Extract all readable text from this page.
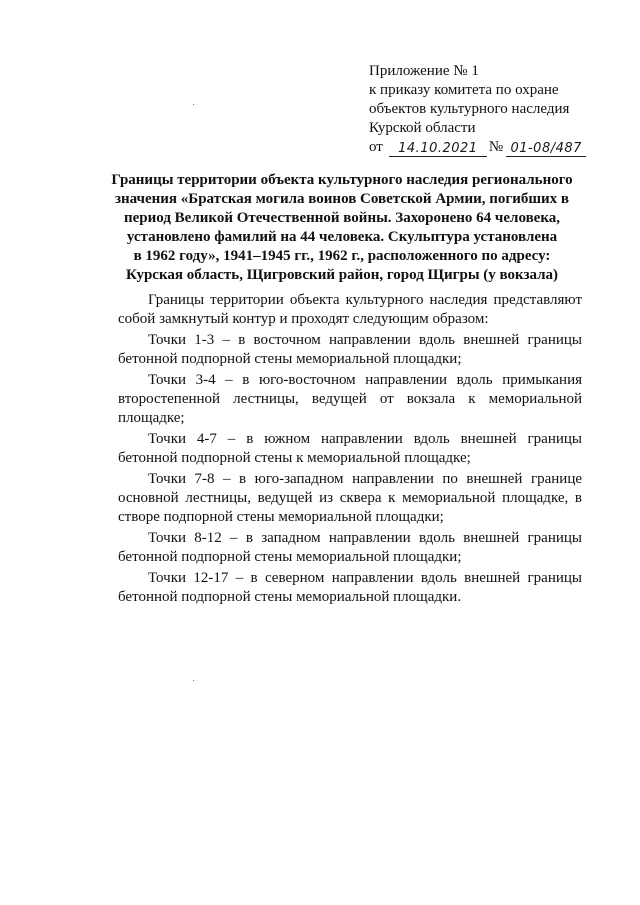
Приложение № 1
к приказу комитета по охране
объектов культурного наследия
Курской области
от	14.10.2021 № 01-08/487
Границы территории объекта культурного наследия регионального
значения «Братская могила воинов Советской Армии, погибших в
период Великой Отечественной войны. Захоронено 64 человека,
установлено фамилий на 44 человека. Скульптура установлена
в 1962 году», 1941–1945 гг., 1962 г., расположенного по адресу:
Курская область, Щигровский район, город Щигры (у вокзала)

Границы территории объекта культурного наследия представляют собой замкнутый контур и проходят следующим образом:

Точки 1-3 – в восточном направлении вдоль внешней границы бетонной подпорной стены мемориальной площадки;

Точки 3-4 – в юго-восточном направлении вдоль примыкания второстепенной лестницы, ведущей от вокзала к мемориальной площадке;

Точки 4-7 – в южном направлении вдоль внешней границы бетонной подпорной стены к мемориальной площадке;

Точки 7-8 – в юго-западном направлении по внешней границе основной лестницы, ведущей из сквера к мемориальной площадке, в створе подпорной стены мемориальной площадки;

Точки 8-12 – в западном направлении вдоль внешней границы бетонной подпорной стены мемориальной площадки;

Точки 12-17 – в северном направлении вдоль внешней границы бетонной подпорной стены мемориальной площадки.
